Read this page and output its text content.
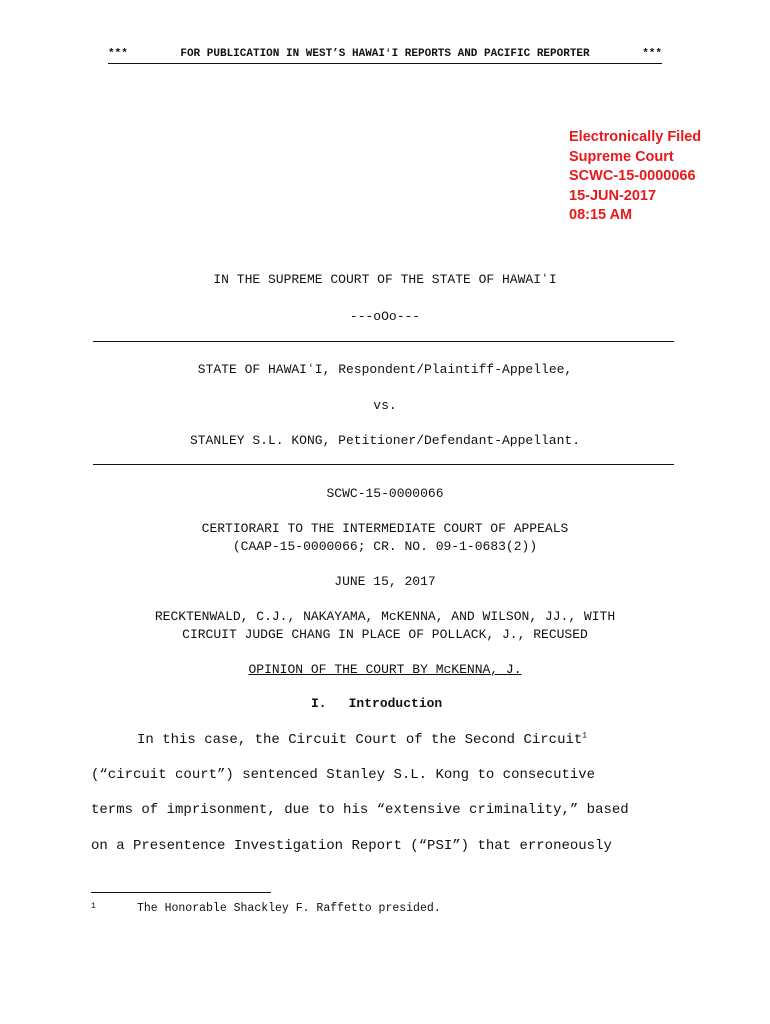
***	FOR PUBLICATION IN WEST’S HAWAIʻI REPORTS AND PACIFIC REPORTER	***
Electronically Filed
Supreme Court
SCWC-15-0000066
15-JUN-2017
08:15 AM
IN THE SUPREME COURT OF THE STATE OF HAWAIʻI
---oOo---
STATE OF HAWAIʻI, Respondent/Plaintiff-Appellee,
vs.
STANLEY S.L. KONG, Petitioner/Defendant-Appellant.
SCWC-15-0000066
CERTIORARI TO THE INTERMEDIATE COURT OF APPEALS
(CAAP-15-0000066; CR. NO. 09-1-0683(2))
JUNE 15, 2017
RECKTENWALD, C.J., NAKAYAMA, McKENNA, AND WILSON, JJ., WITH
CIRCUIT JUDGE CHANG IN PLACE OF POLLACK, J., RECUSED
OPINION OF THE COURT BY McKENNA, J.
I. Introduction
In this case, the Circuit Court of the Second Circuit$^1$
(“circuit court”) sentenced Stanley S.L. Kong to consecutive
terms of imprisonment, due to his “extensive criminality,” based
on a Presentence Investigation Report (“PSI”) that erroneously
1	The Honorable Shackley F. Raffetto presided.
